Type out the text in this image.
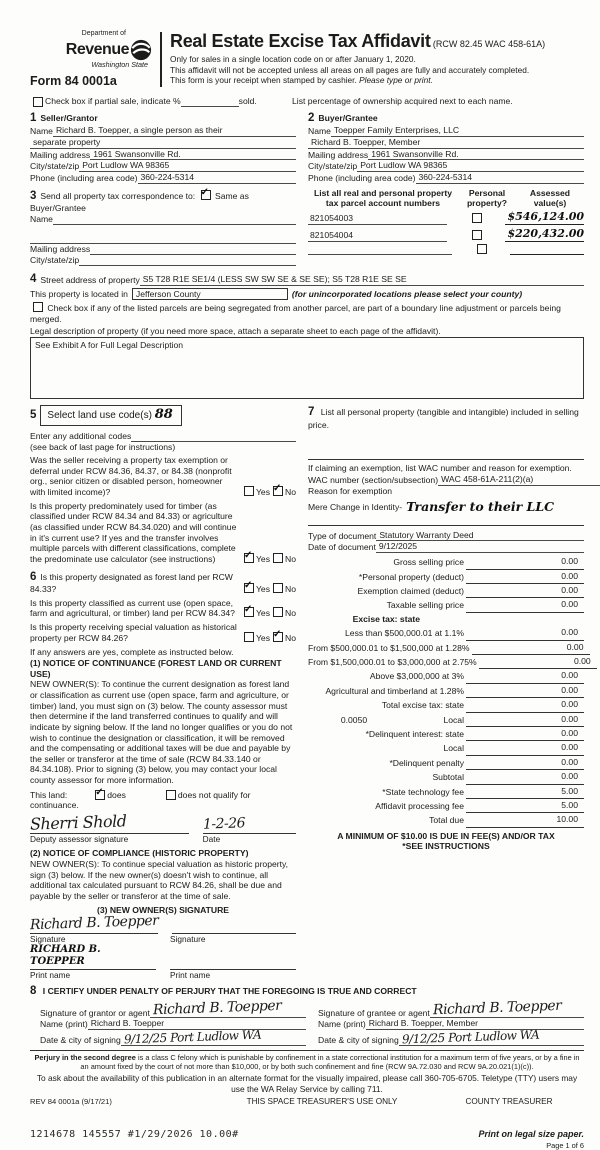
Department of
Revenue
Washington State
Form 84 0001a
Real Estate Excise Tax Affidavit (RCW 82.45 WAC 458-61A)
Only for sales in a single location code on or after January 1, 2020.
This affidavit will not be accepted unless all areas on all pages are fully and accurately completed.
This form is your receipt when stamped by cashier. Please type or print.
Check box if partial sale, indicate %	sold.	List percentage of ownership acquired next to each name.
1 Seller/Grantor
Name Richard B. Toepper, a single person as their
separate property
Mailing address 1961 Swansonville Rd.
City/state/zip Port Ludlow WA 98365
Phone (including area code) 360-224-5314
2 Buyer/Grantee
Name Toepper Family Enterprises, LLC
Richard B. Toepper, Member
Mailing address 1961 Swansonville Rd.
City/state/zip Port Ludlow WA 98365
Phone (including area code) 360-224-5314
3 Send all property tax correspondence to: ✓ Same as Buyer/Grantee
Name
Mailing address
City/state/zip
List all real and personal property tax parcel account numbers
Personal property?
Assessed value(s)
821054003	$546,124.00
821054004	$220,432.00
4 Street address of property S5 T28 R1E SE1/4 (LESS SW SW SE & SE SE); S5 T28 R1E SE SE
This property is located in Jefferson County	(for unincorporated locations please select your county)
Check box if any of the listed parcels are being segregated from another parcel, are part of a boundary line adjustment or parcels being merged.
Legal description of property (if you need more space, attach a separate sheet to each page of the affidavit).
See Exhibit A for Full Legal Description
5	Select land use code(s) 88
Enter any additional codes
(see back of last page for instructions)
Was the seller receiving a property tax exemption or deferral under RCW 84.36, 84.37, or 84.38 (nonprofit org., senior citizen or disabled person, homeowner with limited income)?	Yes ✓ No
Is this property predominately used for timber (as classified under RCW 84.34 and 84.33) or agriculture (as classified under RCW 84.34.020) and will continue in it's current use? If yes and the transfer involves multiple parcels with different classifications, complete the predominate use calculator (see instructions) ✓	Yes No
6 Is this property designated as forest land per RCW 84.33? ✓	Yes No
Is this property classified as current use (open space, farm and agricultural, or timber) land per RCW 84.34? ✓	Yes No
Is this property receiving special valuation as historical property per RCW 84.26?	Yes ✓ No
If any answers are yes, complete as instructed below.
(1) NOTICE OF CONTINUANCE (FOREST LAND OR CURRENT USE)
NEW OWNER(S): To continue the current designation as forest land or classification as current use (open space, farm and agriculture, or timber) land, you must sign on (3) below. The county assessor must then determine if the land transferred continues to qualify and will indicate by signing below. If the land no longer qualifies or you do not wish to continue the designation or classification, it will be removed and the compensating or additional taxes will be due and payable by the seller or transferor at the time of sale (RCW 84.33.140 or 84.34.108). Prior to signing (3) below, you may contact your local county assessor for more information.
This land: ✓	does	does not qualify for
continuance.
Sherri Shold	1-2-26
Deputy assessor signature	Date
(2) NOTICE OF COMPLIANCE (HISTORIC PROPERTY)
NEW OWNER(S): To continue special valuation as historic property, sign (3) below. If the new owner(s) doesn't wish to continue, all additional tax calculated pursuant to RCW 84.26, shall be due and payable by the seller or transferor at the time of sale.
(3) NEW OWNER(S) SIGNATURE
Richard B. Toepper
Signature	Signature
RICHARD B. TOEPPER
Print name	Print name
7 List all personal property (tangible and intangible) included in selling price.
If claiming an exemption, list WAC number and reason for exemption.
WAC number (section/subsection) WAC 458-61A-211(2)(a)
Reason for exemption
Mere Change in Identity- Transfer to their LLC
Type of document Statutory Warranty Deed
Date of document 9/12/2025
Gross selling price	0.00
*Personal property (deduct)	0.00
Exemption claimed (deduct)	0.00
Taxable selling price	0.00
Excise tax: state
Less than $500,000.01 at 1.1%	0.00
From $500,000.01 to $1,500,000 at 1.28%	0.00
From $1,500,000.01 to $3,000,000 at 2.75%	0.00
Above $3,000,000 at 3%	0.00
Agricultural and timberland at 1.28%	0.00
Total excise tax: state	0.00
0.0050	Local	0.00
*Delinquent interest: state	0.00
Local	0.00
*Delinquent penalty	0.00
Subtotal	0.00
*State technology fee	5.00
Affidavit processing fee	5.00
Total due	10.00
A MINIMUM OF $10.00 IS DUE IN FEE(S) AND/OR TAX
*SEE INSTRUCTIONS
8 I CERTIFY UNDER PENALTY OF PERJURY THAT THE FOREGOING IS TRUE AND CORRECT
Signature of grantor or agent Richard B. Toepper
Name (print) Richard B. Toepper
Date & city of signing 9/12/25 Port Ludlow WA
Signature of grantee or agent Richard B. Toepper
Name (print) Richard B. Toepper, Member
Date & city of signing 9/12/25 Port Ludlow WA
Perjury in the second degree is a class C felony which is punishable by confinement in a state correctional institution for a maximum term of five years, or by a fine in an amount fixed by the court of not more than $10,000, or by both such confinement and fine (RCW 9A.72.030 and RCW 9A.20.021(1)(c)).
To ask about the availability of this publication in an alternate format for the visually impaired, please call 360-705-6705. Teletype (TTY) users may use the WA Relay Service by calling 711.
REV 84 0001a (9/17/21)	THIS SPACE TREASURER'S USE ONLY	COUNTY TREASURER
1214678 145557 #1/29/2026 10.00#	Print on legal size paper.
Page 1 of 6
